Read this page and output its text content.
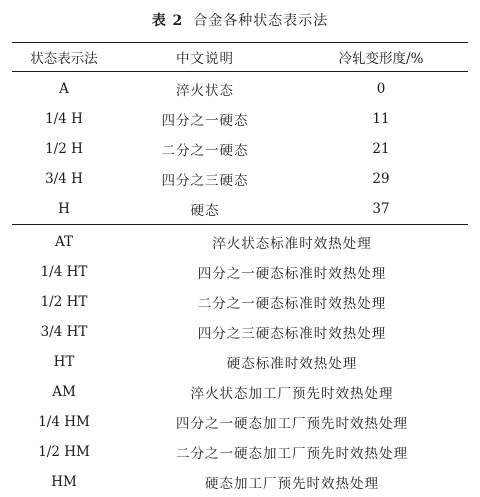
表 2 合金各种状态表示法
状态表示法	中文说明	冷轧变形度/%
A	淬火状态	0
1/4 H	四分之一硬态	11
1/2 H	二分之一硬态	21
3/4 H	四分之三硬态	29
H	硬态	37
AT	淬火状态标准时效热处理
1/4 HT	四分之一硬态标准时效热处理
1/2 HT	二分之一硬态标准时效热处理
3/4 HT	四分之三硬态标准时效热处理
HT	硬态标准时效热处理
AM	淬火状态加工厂预先时效热处理
1/4 HM	四分之一硬态加工厂预先时效热处理
1/2 HM	二分之一硬态加工厂预先时效热处理
HM	硬态加工厂预先时效热处理
